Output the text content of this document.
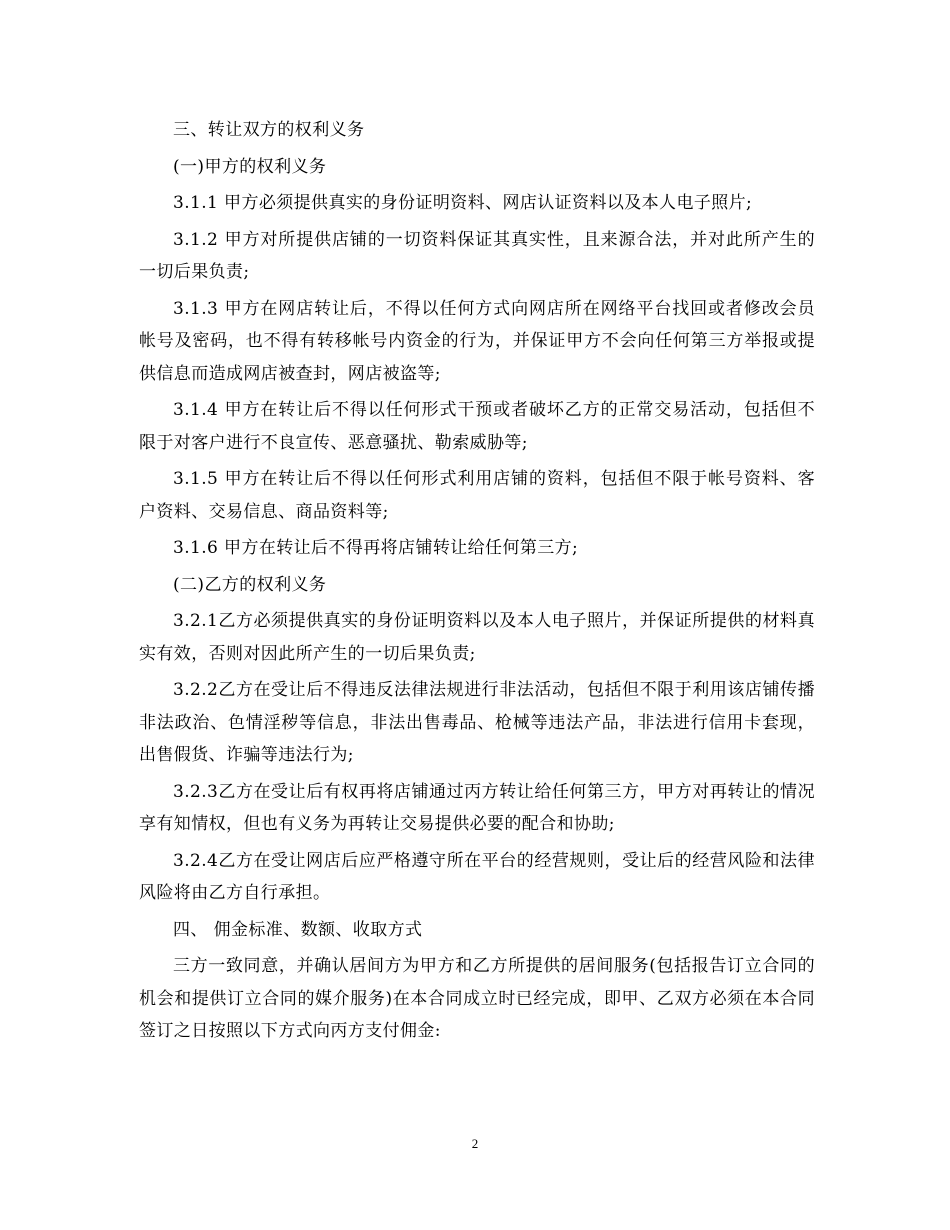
三、转让双方的权利义务

(一)甲方的权利义务

3.1.1 甲方必须提供真实的身份证明资料、网店认证资料以及本人电子照片;

3.1.2 甲方对所提供店铺的一切资料保证其真实性，且来源合法，并对此所产生的一切后果负责;

3.1.3 甲方在网店转让后，不得以任何方式向网店所在网络平台找回或者修改会员帐号及密码，也不得有转移帐号内资金的行为，并保证甲方不会向任何第三方举报或提供信息而造成网店被查封，网店被盗等;

3.1.4 甲方在转让后不得以任何形式干预或者破坏乙方的正常交易活动，包括但不限于对客户进行不良宣传、恶意骚扰、勒索威胁等;

3.1.5 甲方在转让后不得以任何形式利用店铺的资料，包括但不限于帐号资料、客户资料、交易信息、商品资料等;

3.1.6 甲方在转让后不得再将店铺转让给任何第三方;

(二)乙方的权利义务

3.2.1乙方必须提供真实的身份证明资料以及本人电子照片，并保证所提供的材料真实有效，否则对因此所产生的一切后果负责;

3.2.2乙方在受让后不得违反法律法规进行非法活动，包括但不限于利用该店铺传播非法政治、色情淫秽等信息，非法出售毒品、枪械等违法产品，非法进行信用卡套现，出售假货、诈骗等违法行为;

3.2.3乙方在受让后有权再将店铺通过丙方转让给任何第三方，甲方对再转让的情况享有知情权，但也有义务为再转让交易提供必要的配合和协助;

3.2.4乙方在受让网店后应严格遵守所在平台的经营规则，受让后的经营风险和法律风险将由乙方自行承担。

四、 佣金标准、数额、收取方式

三方一致同意，并确认居间方为甲方和乙方所提供的居间服务(包括报告订立合同的机会和提供订立合同的媒介服务)在本合同成立时已经完成，即甲、乙双方必须在本合同签订之日按照以下方式向丙方支付佣金:

2
